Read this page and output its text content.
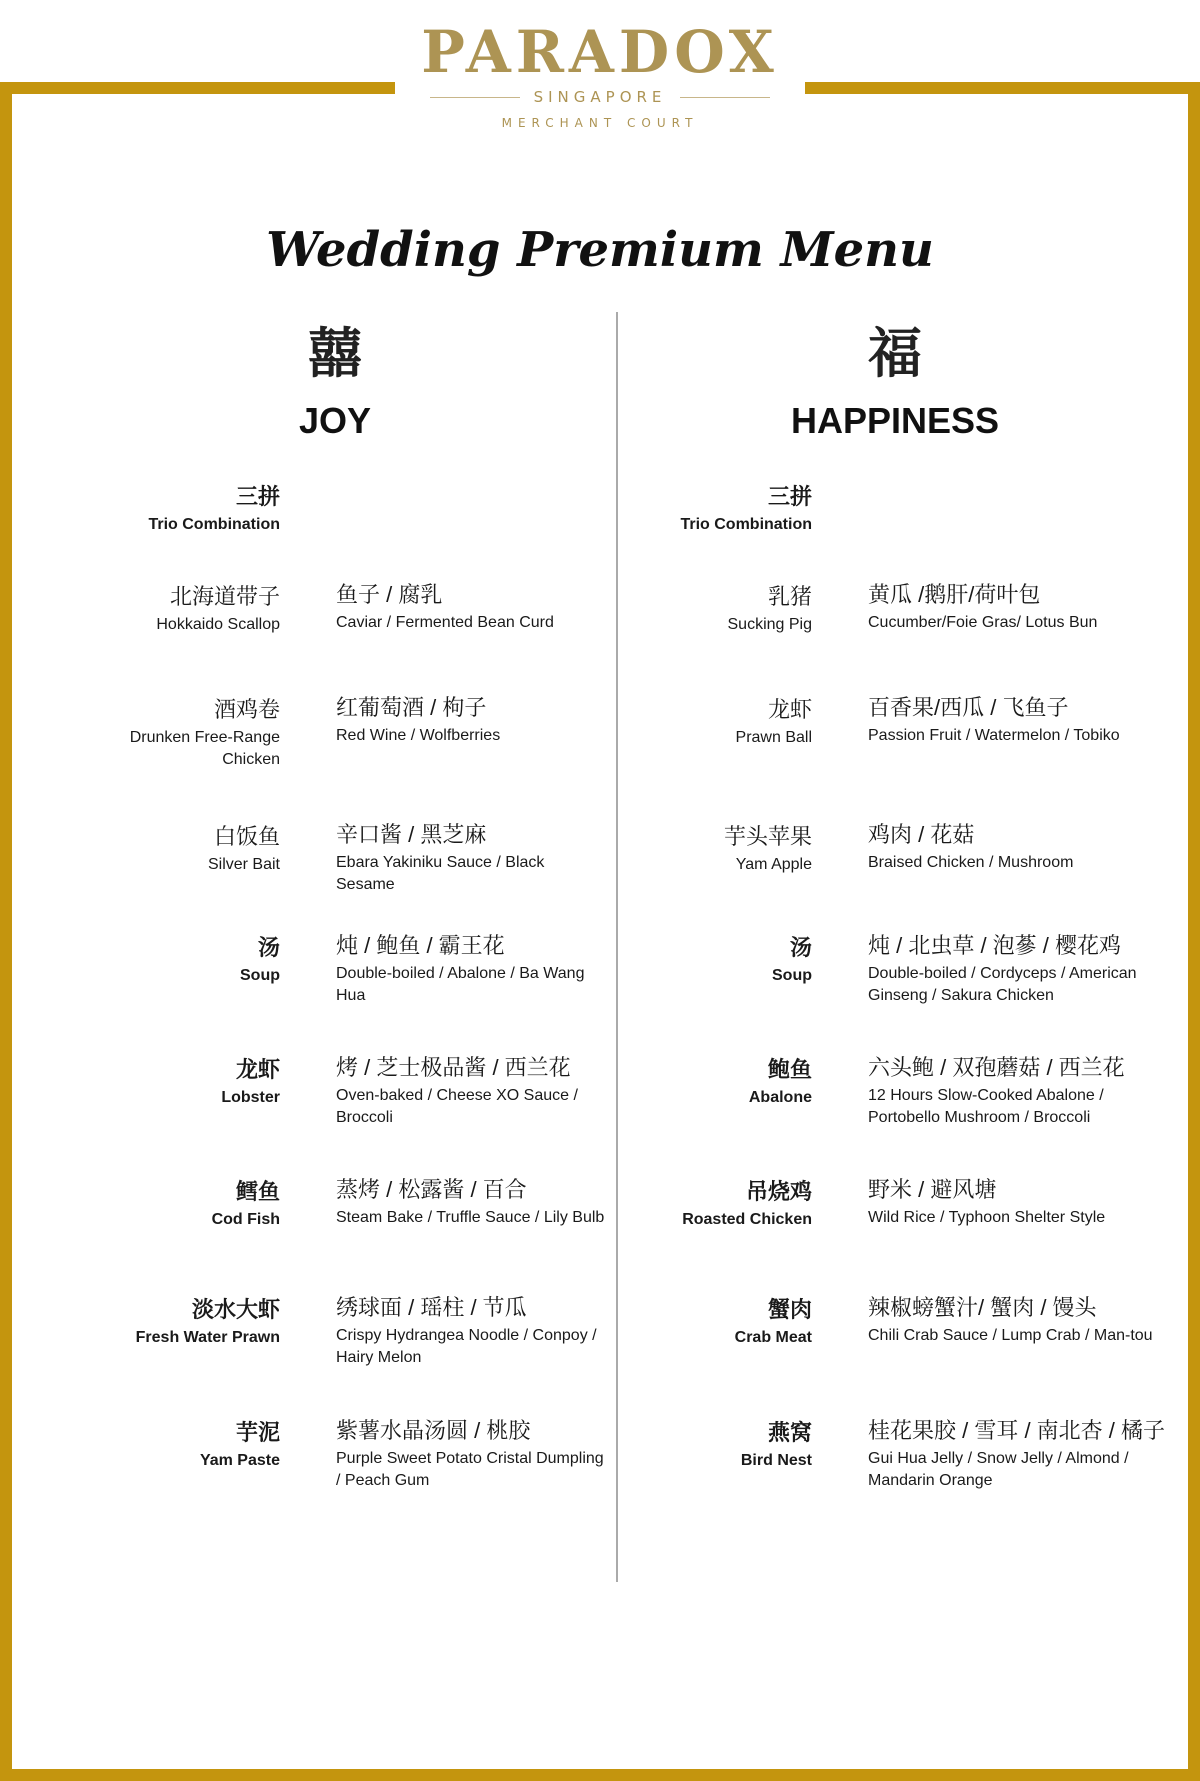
PARADOX
SINGAPORE
MERCHANT COURT
Wedding Premium Menu
囍
JOY
福
HAPPINESS
三拼
Trio Combination
北海道带子
Hokkaido Scallop
鱼子 / 腐乳
Caviar / Fermented Bean Curd
酒鸡卷
Drunken Free-Range Chicken
红葡萄酒 / 枸子
Red Wine / Wolfberries
白饭鱼
Silver Bait
辛口酱 / 黑芝麻
Ebara Yakiniku Sauce / Black Sesame
汤
Soup
炖 / 鲍鱼 / 霸王花
Double-boiled / Abalone / Ba Wang Hua
龙虾
Lobster
烤 / 芝士极品酱 / 西兰花
Oven-baked / Cheese XO Sauce / Broccoli
鳕鱼
Cod Fish
蒸烤 / 松露酱 / 百合
Steam Bake / Truffle Sauce / Lily Bulb
淡水大虾
Fresh Water Prawn
绣球面 / 瑶柱 / 节瓜
Crispy Hydrangea Noodle / Conpoy / Hairy Melon
芋泥
Yam Paste
紫薯水晶汤圆 / 桃胶
Purple Sweet Potato Cristal Dumpling / Peach Gum
三拼
Trio Combination
乳猪
Sucking Pig
黄瓜 /鹅肝/荷叶包
Cucumber/Foie Gras/ Lotus Bun
龙虾
Prawn Ball
百香果/西瓜 / 飞鱼子
Passion Fruit / Watermelon / Tobiko
芋头苹果
Yam Apple
鸡肉 / 花菇
Braised Chicken / Mushroom
汤
Soup
炖 / 北虫草 / 泡蔘 / 樱花鸡
Double-boiled / Cordyceps / American Ginseng / Sakura Chicken
鲍鱼
Abalone
六头鲍 / 双孢蘑菇 / 西兰花
12 Hours Slow-Cooked Abalone / Portobello Mushroom / Broccoli
吊烧鸡
Roasted Chicken
野米 / 避风塘
Wild Rice / Typhoon Shelter Style
蟹肉
Crab Meat
辣椒螃蟹汁/ 蟹肉 / 馒头
Chili Crab Sauce / Lump Crab / Man-tou
燕窝
Bird Nest
桂花果胶 / 雪耳 / 南北杏 / 橘子
Gui Hua Jelly / Snow Jelly / Almond / Mandarin Orange
